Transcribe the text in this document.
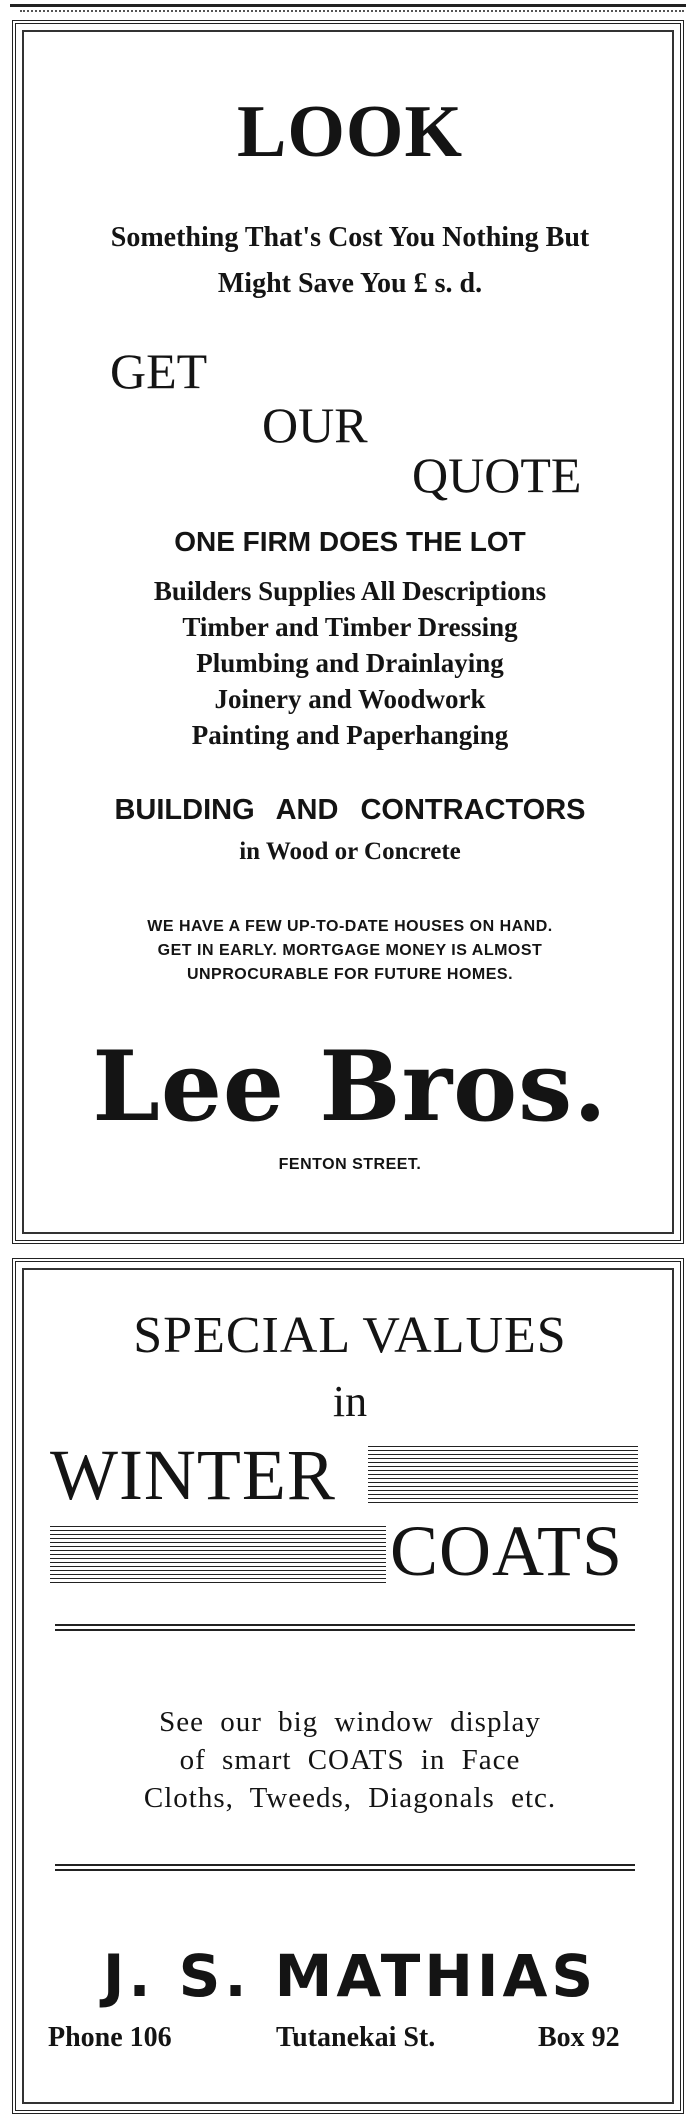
LOOK

Something That's Cost You Nothing But

Might Save You £ s. d.

GET
OUR
QUOTE

ONE FIRM DOES THE LOT

Builders Supplies All Descriptions
Timber and Timber Dressing
Plumbing and Drainlaying
Joinery and Woodwork
Painting and Paperhanging

BUILDING AND CONTRACTORS

in Wood or Concrete

WE HAVE A FEW UP-TO-DATE HOUSES ON HAND.

GET IN EARLY. MORTGAGE MONEY IS ALMOST

UNPROCURABLE FOR FUTURE HOMES.

Lee Bros.

FENTON STREET.

SPECIAL VALUES

in

WINTER
COATS

See our big window display

of smart COATS in Face

Cloths, Tweeds, Diagonals etc.

J. S. MATHIAS

Phone 106	Tutanekai St.	Box 92
